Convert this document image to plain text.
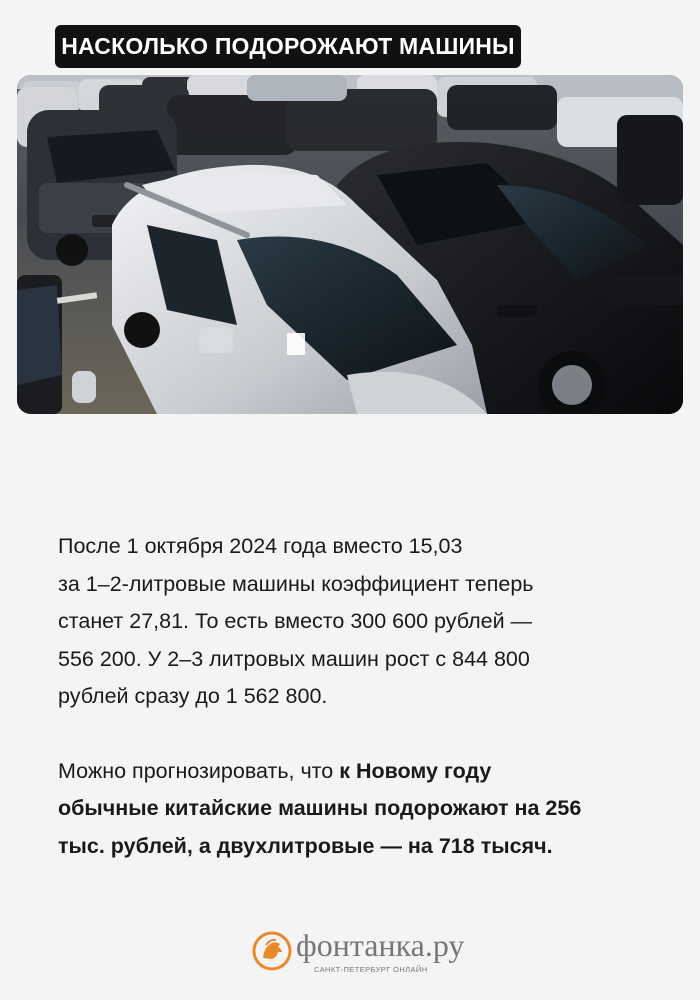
НАСКОЛЬКО ПОДОРОЖАЮТ МАШИНЫ

После 1 октября 2024 года вместо 15,03
за 1–2-литровые машины коэффициент теперь
станет 27,81. То есть вместо 300 600 рублей —
556 200. У 2–3 литровых машин рост с 844 800
рублей сразу до 1 562 800.

Можно прогнозировать, что к Новому году
обычные китайские машины подорожают на 256
тыс. рублей, а двухлитровые — на 718 тысяч.

фонтанка.ру
САНКТ-ПЕТЕРБУРГ ОНЛАЙН
